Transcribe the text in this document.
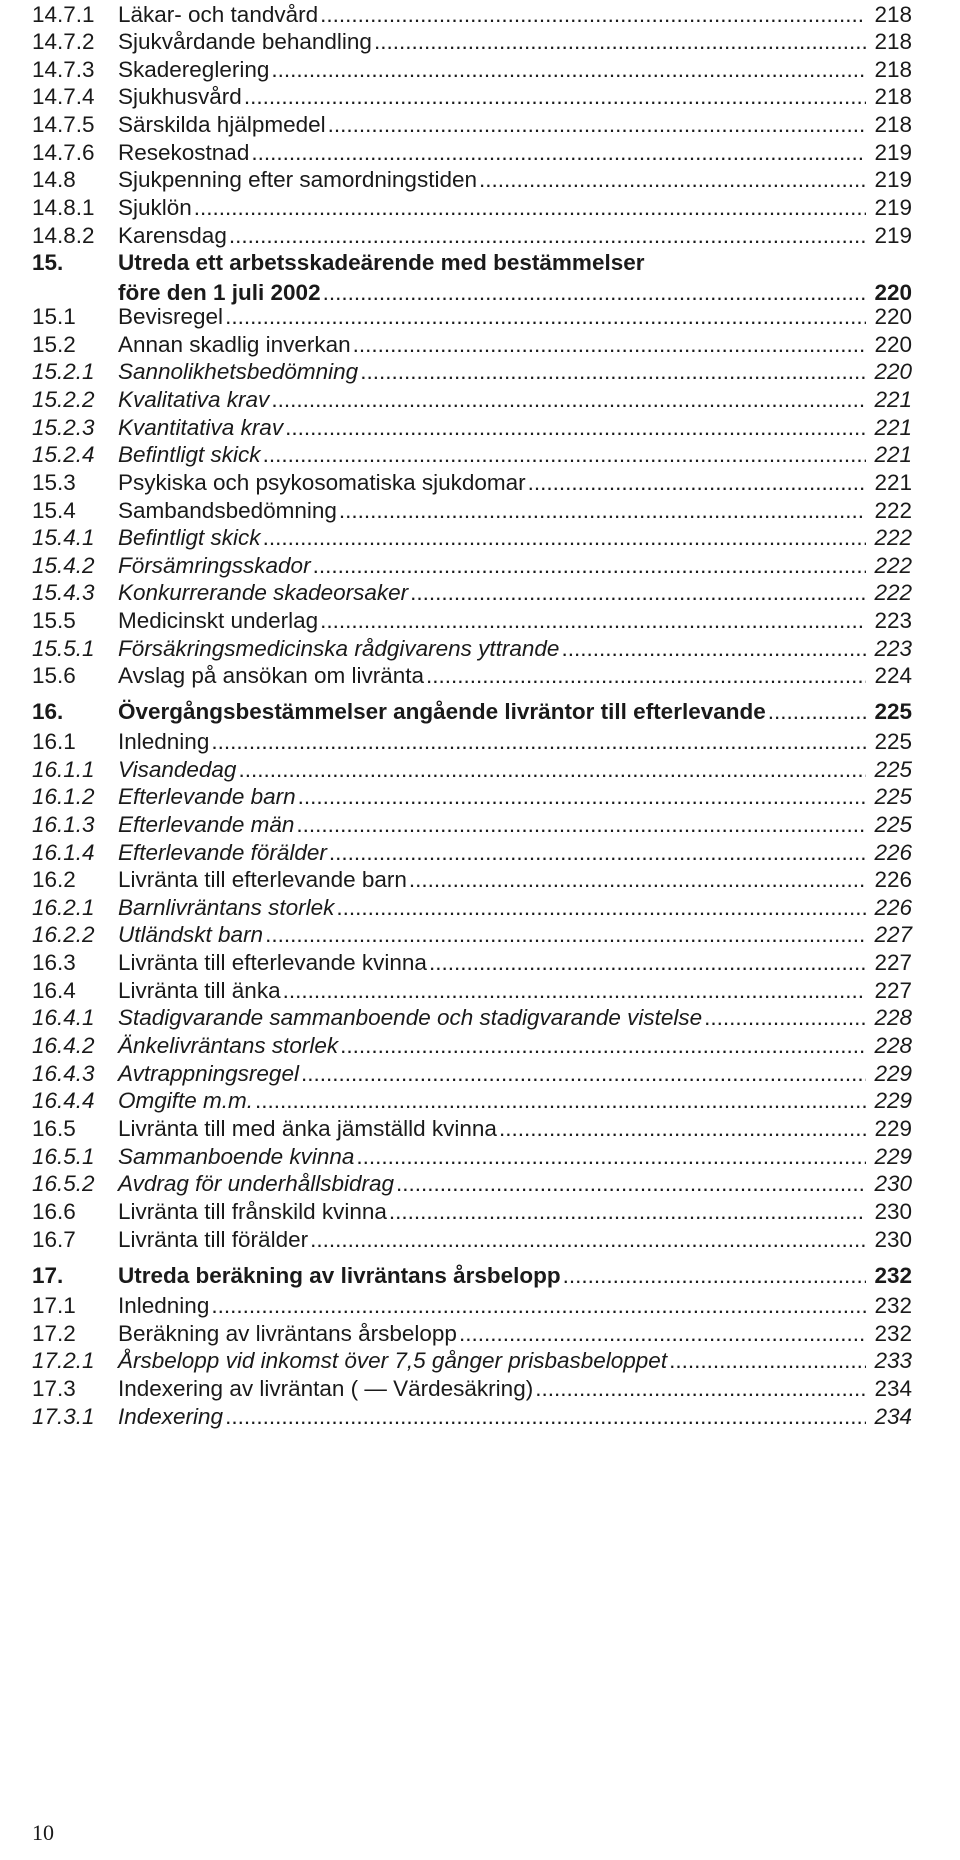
14.7.1	Läkar- och tandvård .....	218
14.7.2	Sjukvårdande behandling .....	218
14.7.3	Skadereglering .....	218
14.7.4	Sjukhusvård .....	218
14.7.5	Särskilda hjälpmedel .....	218
14.7.6	Resekostnad .....	219
14.8	Sjukpenning efter samordningstiden .....	219
14.8.1	Sjuklön .....	219
14.8.2	Karensdag .....	219
15.	Utreda ett arbetsskadeärende med bestämmelser
före den 1 juli 2002 .....	220
15.1	Bevisregel .....	220
15.2	Annan skadlig inverkan .....	220
15.2.1	Sannolikhetsbedömning .....	220
15.2.2	Kvalitativa krav .....	221
15.2.3	Kvantitativa krav .....	221
15.2.4	Befintligt skick .....	221
15.3	Psykiska och psykosomatiska sjukdomar .....	221
15.4	Sambandsbedömning .....	222
15.4.1	Befintligt skick .....	222
15.4.2	Försämringsskador .....	222
15.4.3	Konkurrerande skadeorsaker .....	222
15.5	Medicinskt underlag .....	223
15.5.1	Försäkringsmedicinska rådgivarens yttrande .....	223
15.6	Avslag på ansökan om livränta .....	224
16.	Övergångsbestämmelser angående livräntor till efterlevande .....	225
16.1	Inledning .....	225
16.1.1	Visandedag .....	225
16.1.2	Efterlevande barn .....	225
16.1.3	Efterlevande män .....	225
16.1.4	Efterlevande förälder .....	226
16.2	Livränta till efterlevande barn .....	226
16.2.1	Barnlivräntans storlek .....	226
16.2.2	Utländskt barn .....	227
16.3	Livränta till efterlevande kvinna .....	227
16.4	Livränta till änka .....	227
16.4.1	Stadigvarande sammanboende och stadigvarande vistelse .....	228
16.4.2	Änkelivräntans storlek .....	228
16.4.3	Avtrappningsregel .....	229
16.4.4	Omgifte m.m. .....	229
16.5	Livränta till med änka jämställd kvinna .....	229
16.5.1	Sammanboende kvinna .....	229
16.5.2	Avdrag för underhållsbidrag .....	230
16.6	Livränta till frånskild kvinna .....	230
16.7	Livränta till förälder .....	230
17.	Utreda beräkning av livräntans årsbelopp .....	232
17.1	Inledning .....	232
17.2	Beräkning av livräntans årsbelopp .....	232
17.2.1	Årsbelopp vid inkomst över 7,5 gånger prisbasbeloppet .....	233
17.3	Indexering av livräntan ( — Värdesäkring) .....	234
17.3.1	Indexering .....	234
10
